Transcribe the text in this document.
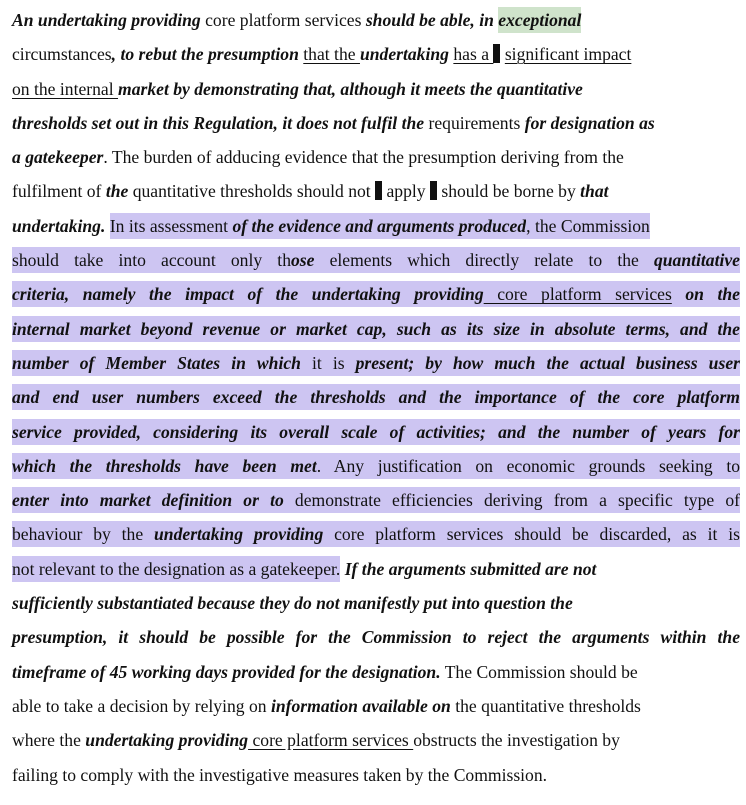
An undertaking providing core platform services should be able, in exceptional
circumstances, to rebut the presumption that the undertaking has a  significant impact
on the internal market by demonstrating that, although it meets the quantitative
thresholds set out in this Regulation, it does not fulfil the requirements for designation as
a gatekeeper. The burden of adducing evidence that the presumption deriving from the
fulfilment of the quantitative thresholds should not  apply  should be borne by that
undertaking. In its assessment of the evidence and arguments produced, the Commission
should take into account only those elements which directly relate to the quantitative
criteria, namely the impact of the undertaking providing core platform services on the
internal market beyond revenue or market cap, such as its size in absolute terms, and the
number of Member States in which it is present; by how much the actual business user
and end user numbers exceed the thresholds and the importance of the core platform
service provided, considering its overall scale of activities; and the number of years for
which the thresholds have been met. Any justification on economic grounds seeking to
enter into market definition or to demonstrate efficiencies deriving from a specific type of
behaviour by the undertaking providing core platform services should be discarded, as it is
not relevant to the designation as a gatekeeper. If the arguments submitted are not
sufficiently substantiated because they do not manifestly put into question the
presumption, it should be possible for the Commission to reject the arguments within the
timeframe of 45 working days provided for the designation. The Commission should be
able to take a decision by relying on information available on the quantitative thresholds
where the undertaking providing core platform services obstructs the investigation by
failing to comply with the investigative measures taken by the Commission.
